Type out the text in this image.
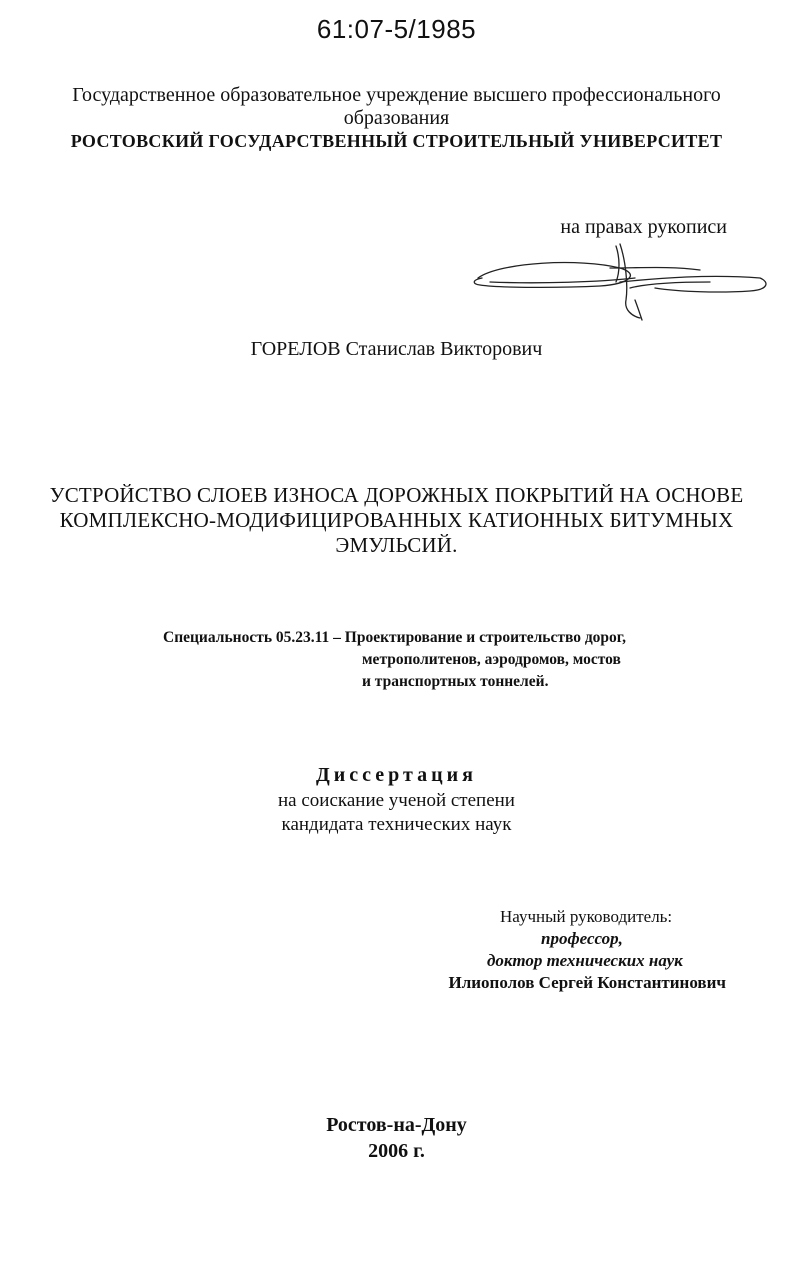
61:07-5/1985
Государственное образовательное учреждение высшего профессионального
образования
РОСТОВСКИЙ ГОСУДАРСТВЕННЫЙ СТРОИТЕЛЬНЫЙ УНИВЕРСИТЕТ
на правах рукописи
ГОРЕЛОВ Станислав Викторович
УСТРОЙСТВО СЛОЕВ ИЗНОСА ДОРОЖНЫХ ПОКРЫТИЙ НА ОСНОВЕ
КОМПЛЕКСНО-МОДИФИЦИРОВАННЫХ КАТИОННЫХ БИТУМНЫХ
ЭМУЛЬСИЙ.
Специальность 05.23.11 – Проектирование и строительство дорог,
метрополитенов, аэродромов, мостов
и транспортных тоннелей.
Диссертация
на соискание ученой степени
кандидата технических наук
Научный руководитель:
профессор,
доктор технических наук
Илиополов Сергей Константинович
Ростов-на-Дону
2006 г.
